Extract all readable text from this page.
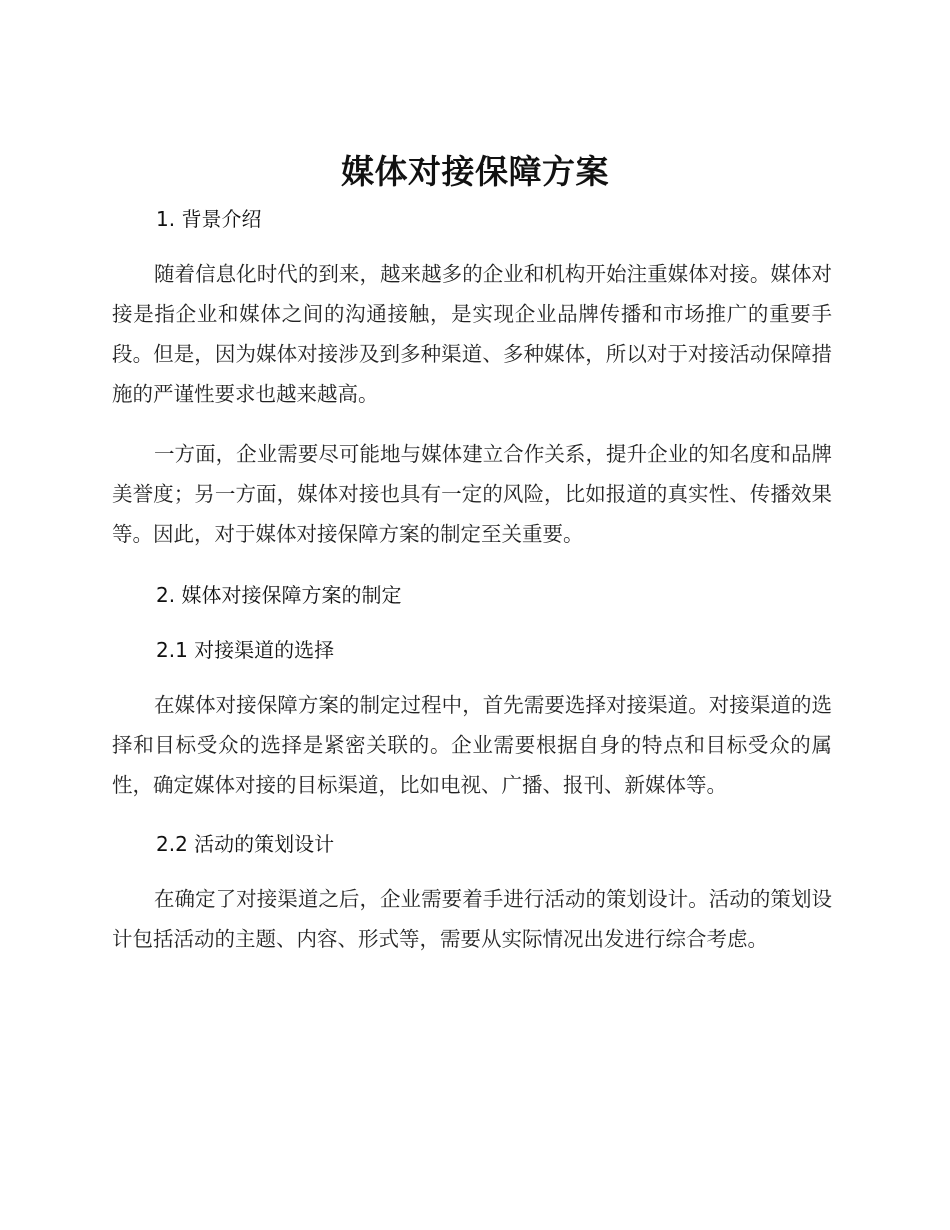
媒体对接保障方案
1. 背景介绍

随着信息化时代的到来，越来越多的企业和机构开始注重媒体对接。媒体对接是指企业和媒体之间的沟通接触，是实现企业品牌传播和市场推广的重要手段。但是，因为媒体对接涉及到多种渠道、多种媒体，所以对于对接活动保障措施的严谨性要求也越来越高。

一方面，企业需要尽可能地与媒体建立合作关系，提升企业的知名度和品牌美誉度；另一方面，媒体对接也具有一定的风险，比如报道的真实性、传播效果等。因此，对于媒体对接保障方案的制定至关重要。

2. 媒体对接保障方案的制定
2.1 对接渠道的选择

在媒体对接保障方案的制定过程中，首先需要选择对接渠道。对接渠道的选择和目标受众的选择是紧密关联的。企业需要根据自身的特点和目标受众的属性，确定媒体对接的目标渠道，比如电视、广播、报刊、新媒体等。

2.2 活动的策划设计

在确定了对接渠道之后，企业需要着手进行活动的策划设计。活动的策划设计包括活动的主题、内容、形式等，需要从实际情况出发进行综合考虑。
